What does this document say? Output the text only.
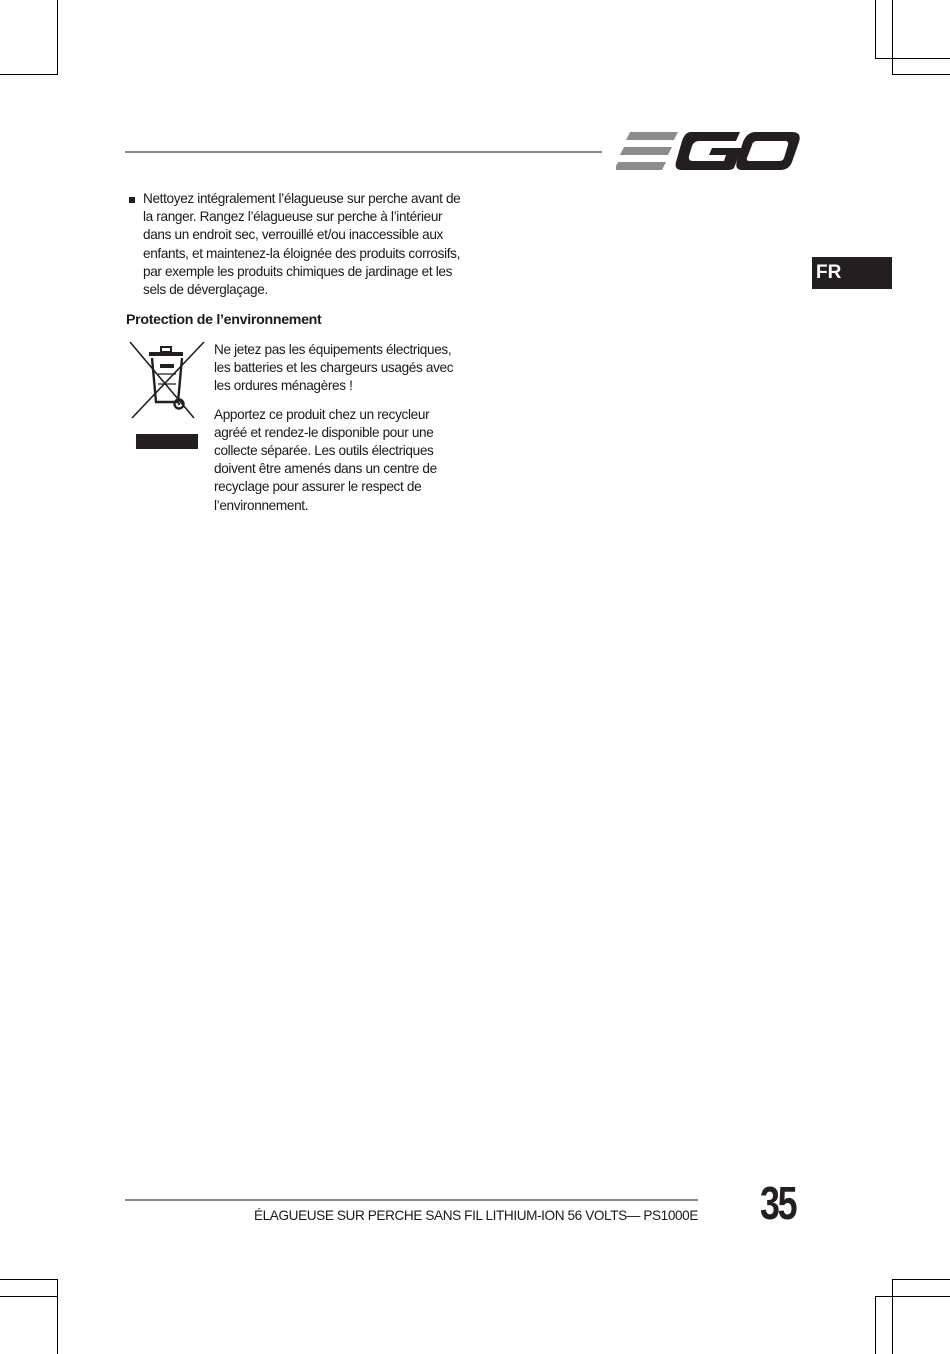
FR
Nettoyez intégralement l’élagueuse sur perche avant de la ranger. Rangez l’élagueuse sur perche à l’intérieur dans un endroit sec, verrouillé et/ou inaccessible aux enfants, et maintenez-la éloignée des produits corrosifs, par exemple les produits chimiques de jardinage et les sels de déverglaçage.
Protection de l’environnement

Ne jetez pas les équipements électriques, les batteries et les chargeurs usagés avec les ordures ménagères !

Apportez ce produit chez un recycleur agréé et rendez-le disponible pour une collecte séparée. Les outils électriques doivent être amenés dans un centre de recyclage pour assurer le respect de l’environnement.

ÉLAGUEUSE SUR PERCHE SANS FIL LITHIUM-ION 56 VOLTS— PS1000E 35
